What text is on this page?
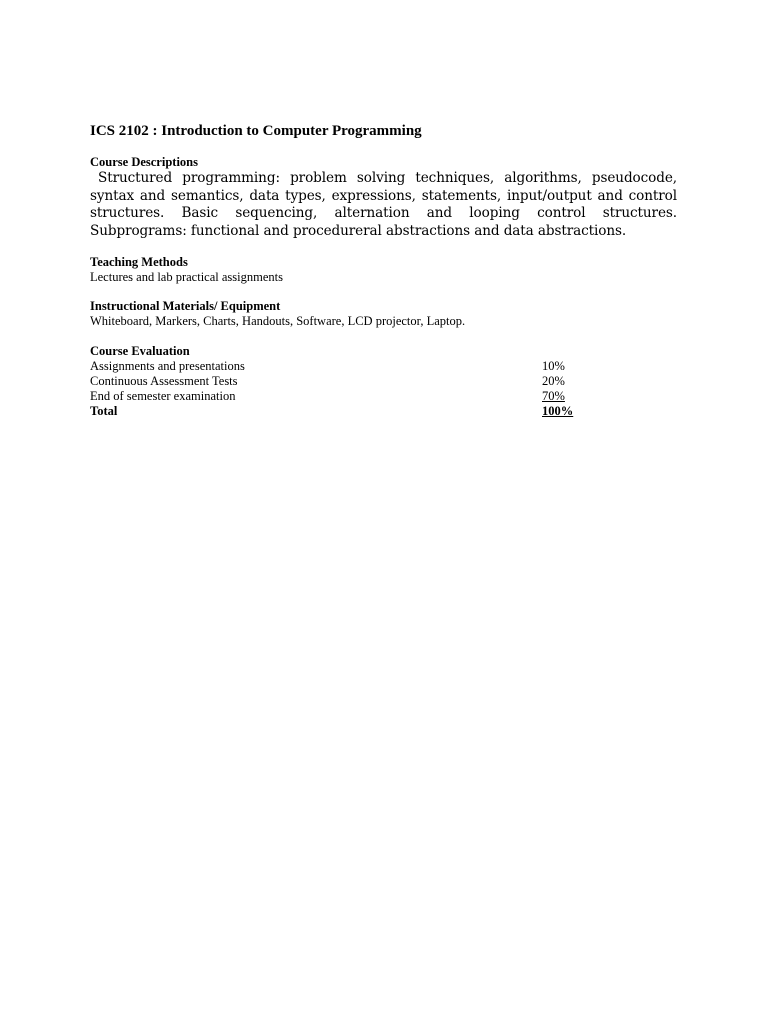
ICS 2102 : Introduction to Computer Programming

Course Descriptions

Structured programming: problem solving techniques, algorithms, pseudocode, syntax and semantics, data types, expressions, statements, input/output and control structures. Basic sequencing, alternation and looping control structures. Subprograms: functional and procedureral abstractions and data abstractions.

Teaching Methods

Lectures and lab practical assignments

Instructional Materials/ Equipment

Whiteboard, Markers, Charts, Handouts, Software, LCD projector, Laptop.

Course Evaluation

Assignments and presentations	10%
Continuous Assessment Tests	20%
End of semester examination	70%
Total	100%
